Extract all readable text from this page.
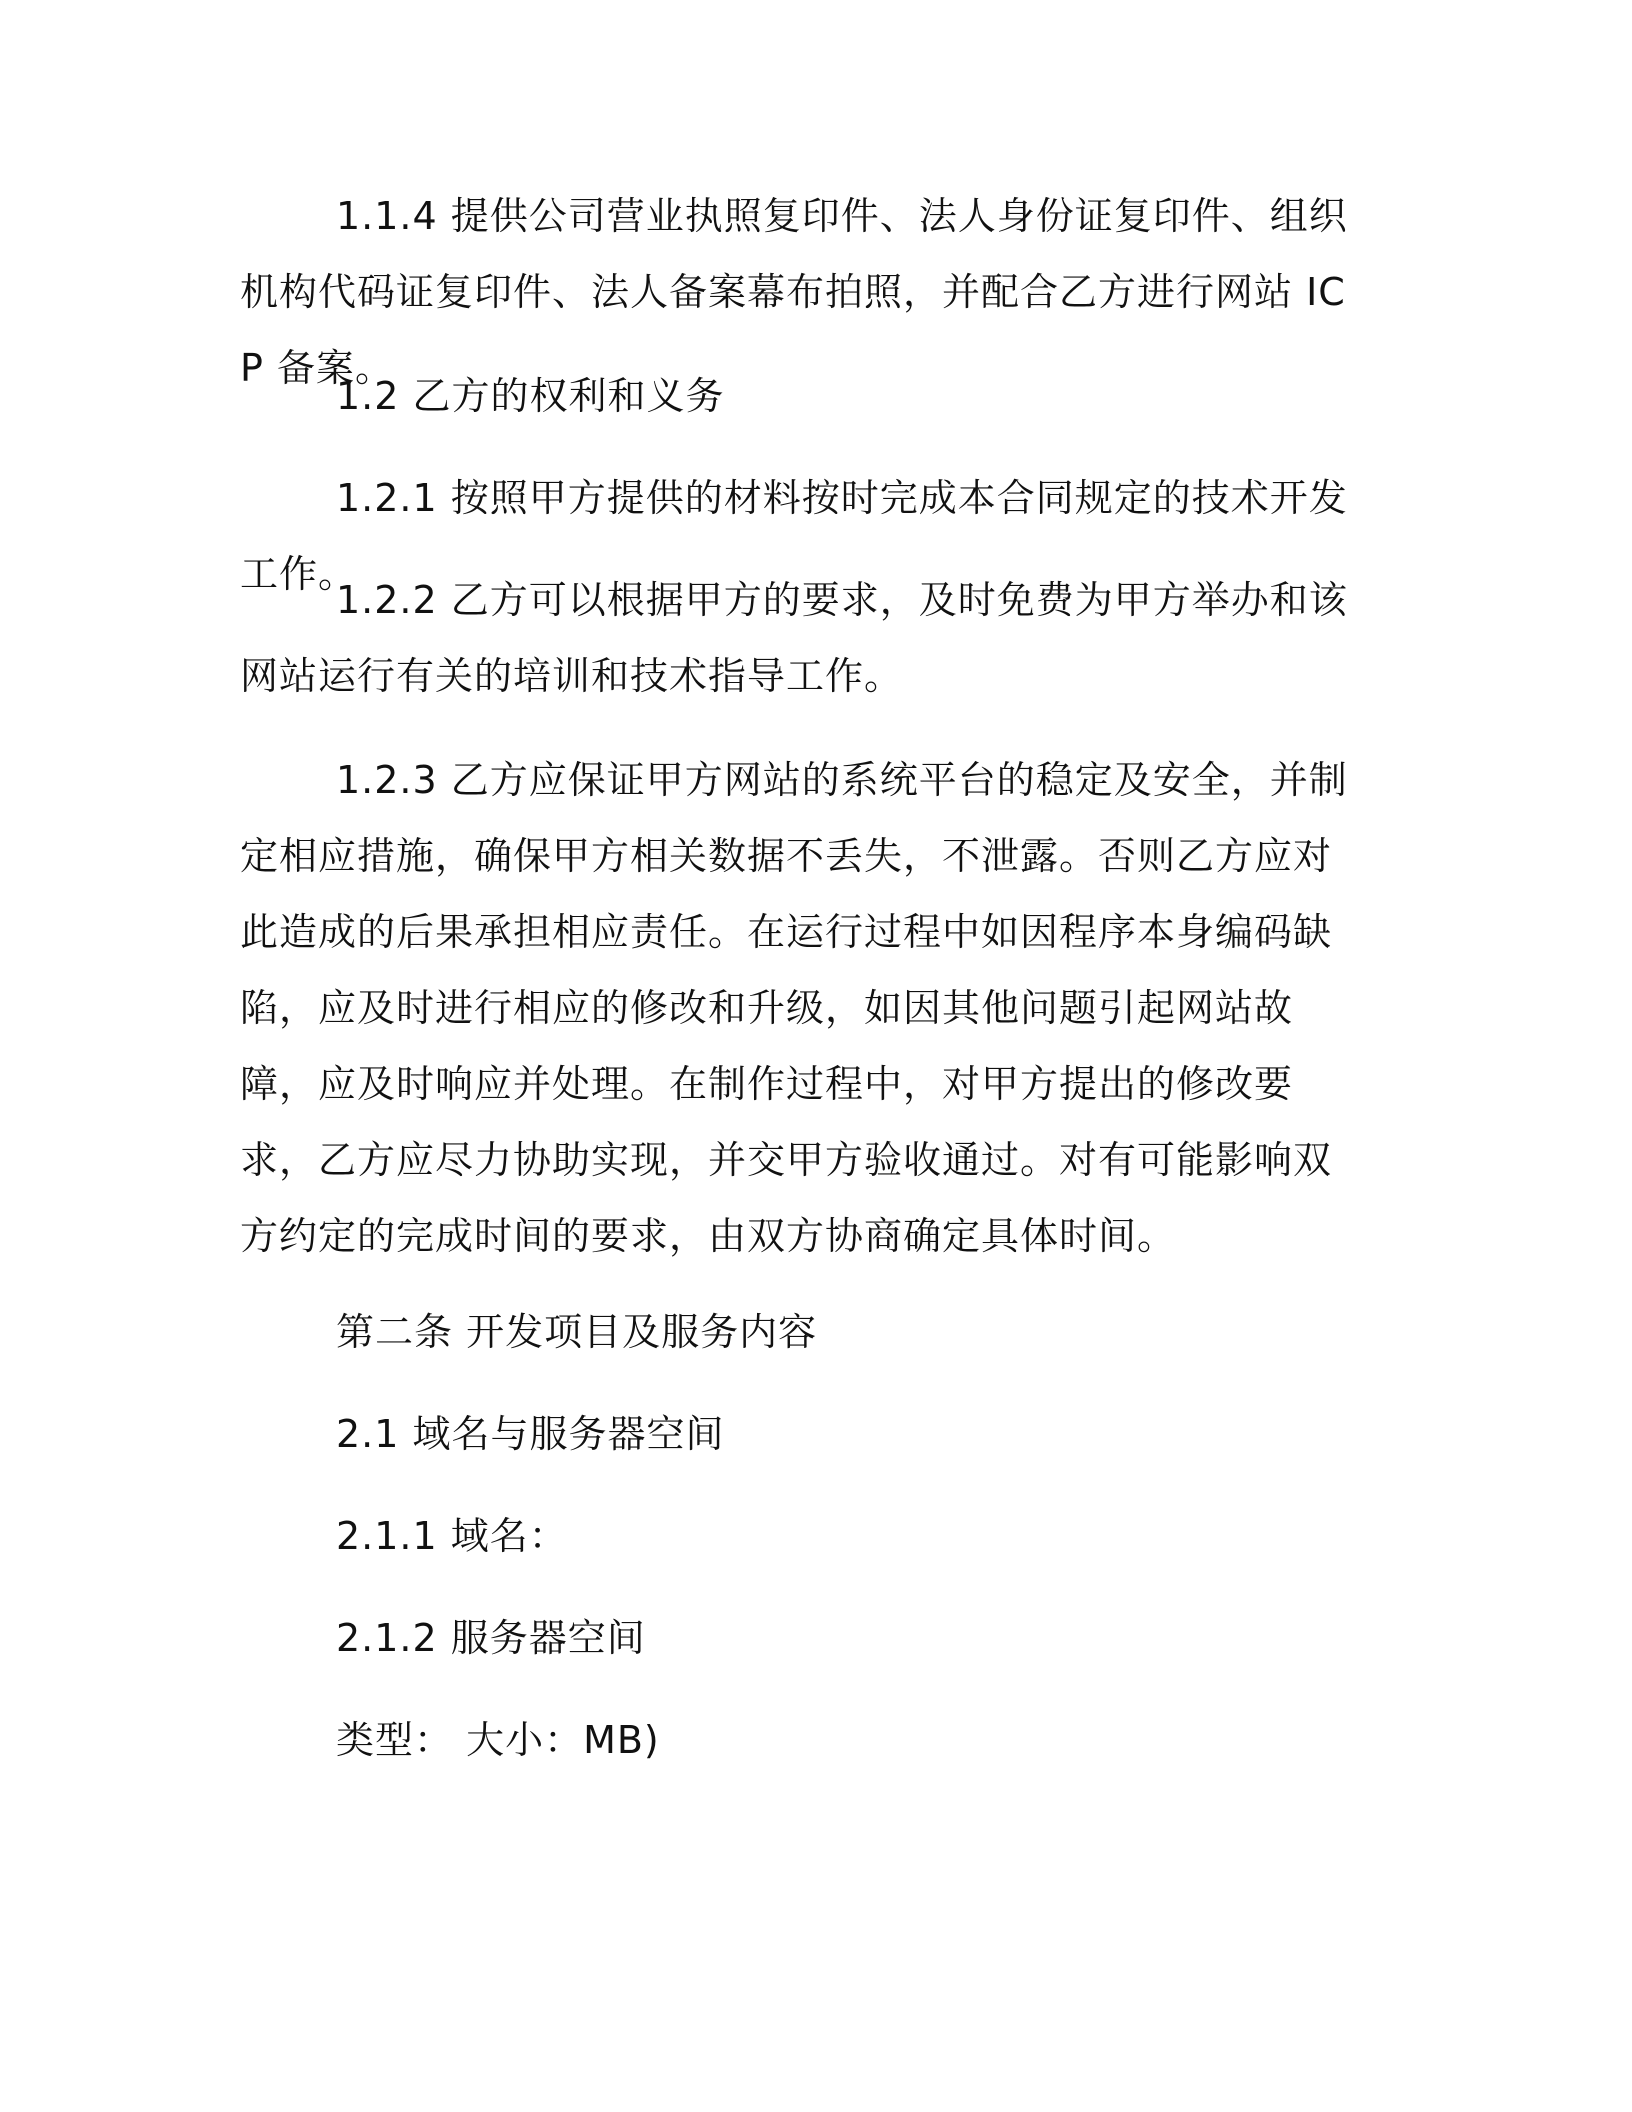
1.1.4 提供公司营业执照复印件、法人身份证复印件、组织机构代码证复印件、法人备案幕布拍照，并配合乙方进行网站 ICP 备案。

1.2 乙方的权利和义务

1.2.1 按照甲方提供的材料按时完成本合同规定的技术开发工作。

1.2.2 乙方可以根据甲方的要求，及时免费为甲方举办和该网站运行有关的培训和技术指导工作。

1.2.3 乙方应保证甲方网站的系统平台的稳定及安全，并制定相应措施，确保甲方相关数据不丢失，不泄露。否则乙方应对此造成的后果承担相应责任。在运行过程中如因程序本身编码缺陷，应及时进行相应的修改和升级，如因其他问题引起网站故障，应及时响应并处理。在制作过程中，对甲方提出的修改要求，乙方应尽力协助实现，并交甲方验收通过。对有可能影响双方约定的完成时间的要求，由双方协商确定具体时间。

第二条 开发项目及服务内容

2.1 域名与服务器空间

2.1.1 域名：

2.1.2 服务器空间

类型： 大小：MB)
